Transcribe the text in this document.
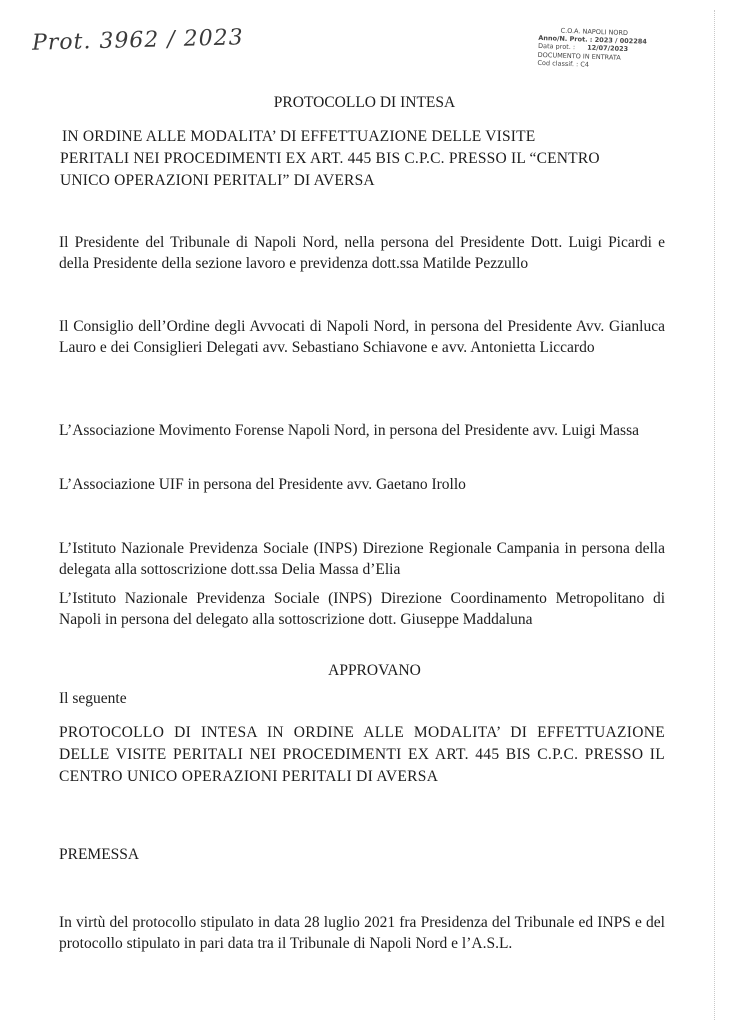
Prot. 3962 / 2023	C.O.A. NAPOLI NORD
Anno/N. Prot. : 2023 / 002284
Data prot. : 12/07/2023
DOCUMENTO IN ENTRATA
Cod classif. : C4
PROTOCOLLO DI INTESA
IN ORDINE ALLE MODALITA’ DI EFFETTUAZIONE DELLE VISITE
PERITALI NEI PROCEDIMENTI EX ART. 445 BIS C.P.C. PRESSO IL “CENTRO
UNICO OPERAZIONI PERITALI” DI AVERSA
Il Presidente del Tribunale di Napoli Nord, nella persona del Presidente Dott. Luigi Picardi e della Presidente della sezione lavoro e previdenza dott.ssa Matilde Pezzullo
Il Consiglio dell’Ordine degli Avvocati di Napoli Nord, in persona del Presidente Avv. Gianluca Lauro e dei Consiglieri Delegati avv. Sebastiano Schiavone e avv. Antonietta Liccardo
L’Associazione Movimento Forense Napoli Nord, in persona del Presidente avv. Luigi Massa
L’Associazione UIF in persona del Presidente avv. Gaetano Irollo
L’Istituto Nazionale Previdenza Sociale (INPS) Direzione Regionale Campania in persona della delegata alla sottoscrizione dott.ssa Delia Massa d’Elia
L’Istituto Nazionale Previdenza Sociale (INPS) Direzione Coordinamento Metropolitano di Napoli in persona del delegato alla sottoscrizione dott. Giuseppe Maddaluna
APPROVANO
Il seguente
PROTOCOLLO DI INTESA IN ORDINE ALLE MODALITA’ DI EFFETTUAZIONE DELLE VISITE PERITALI NEI PROCEDIMENTI EX ART. 445 BIS C.P.C. PRESSO IL CENTRO UNICO OPERAZIONI PERITALI DI AVERSA
PREMESSA
In virtù del protocollo stipulato in data 28 luglio 2021 fra Presidenza del Tribunale ed INPS e del protocollo stipulato in pari data tra il Tribunale di Napoli Nord e l’A.S.L.
